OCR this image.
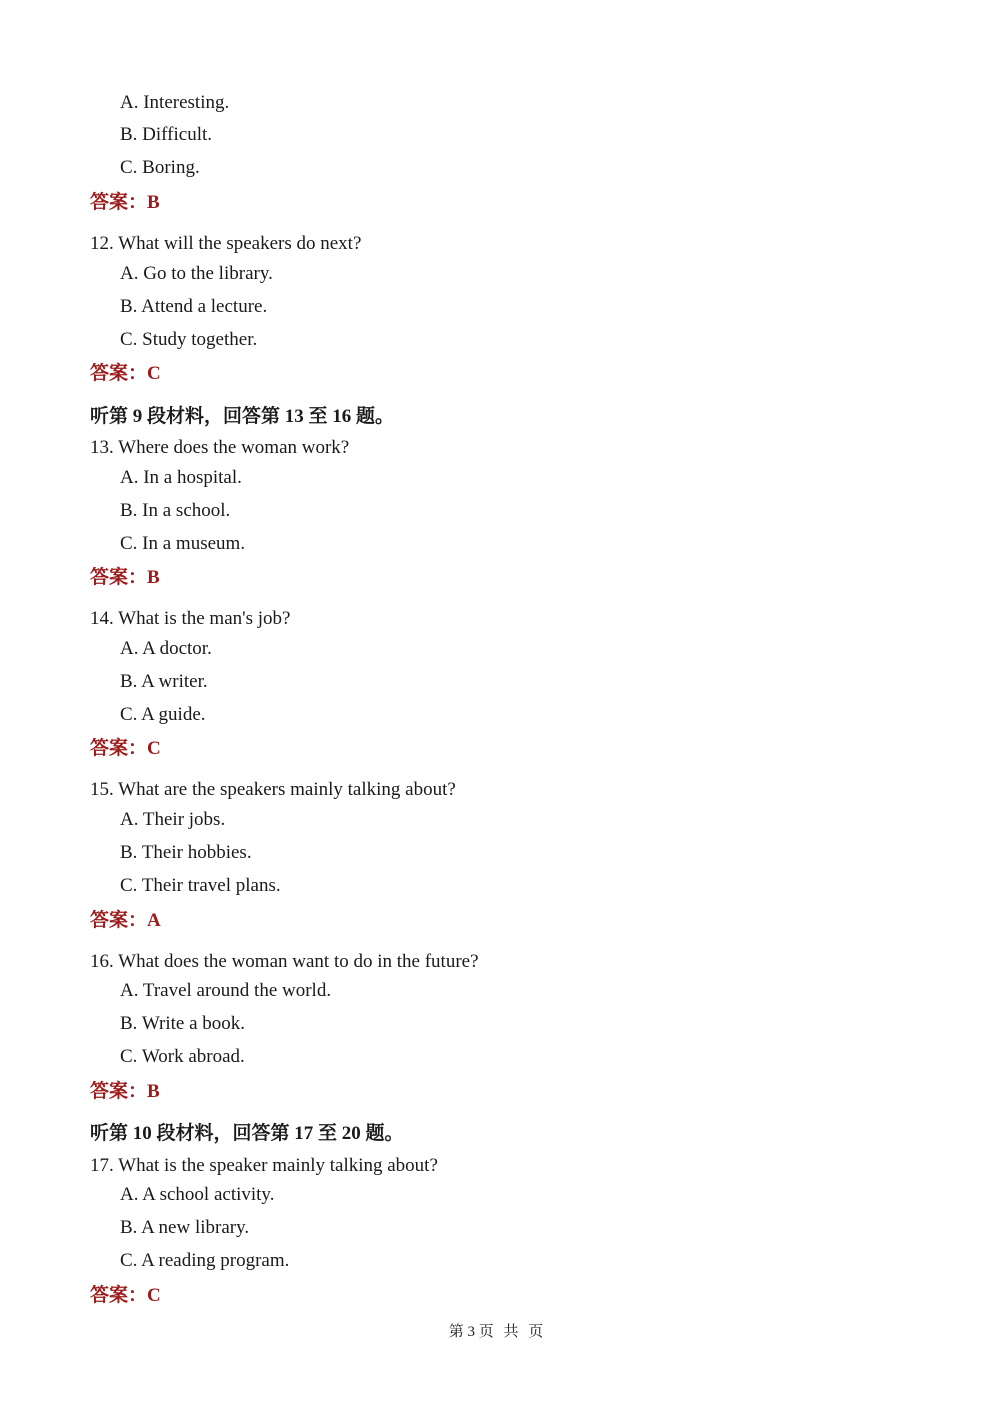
A. Interesting.
B. Difficult.
C. Boring.
答案：B
12. What will the speakers do next?
A. Go to the library.
B. Attend a lecture.
C. Study together.
答案：C
听第 9 段材料，回答第 13 至 16 题。
13. Where does the woman work?
A. In a hospital.
B. In a school.
C. In a museum.
答案：B
14. What is the man's job?
A. A doctor.
B. A writer.
C. A guide.
答案：C
15. What are the speakers mainly talking about?
A. Their jobs.
B. Their hobbies.
C. Their travel plans.
答案：A
16. What does the woman want to do in the future?
A. Travel around the world.
B. Write a book.
C. Work abroad.
答案：B
听第 10 段材料，回答第 17 至 20 题。
17. What is the speaker mainly talking about?
A. A school activity.
B. A new library.
C. A reading program.
答案：C
第 3 页 共 页
